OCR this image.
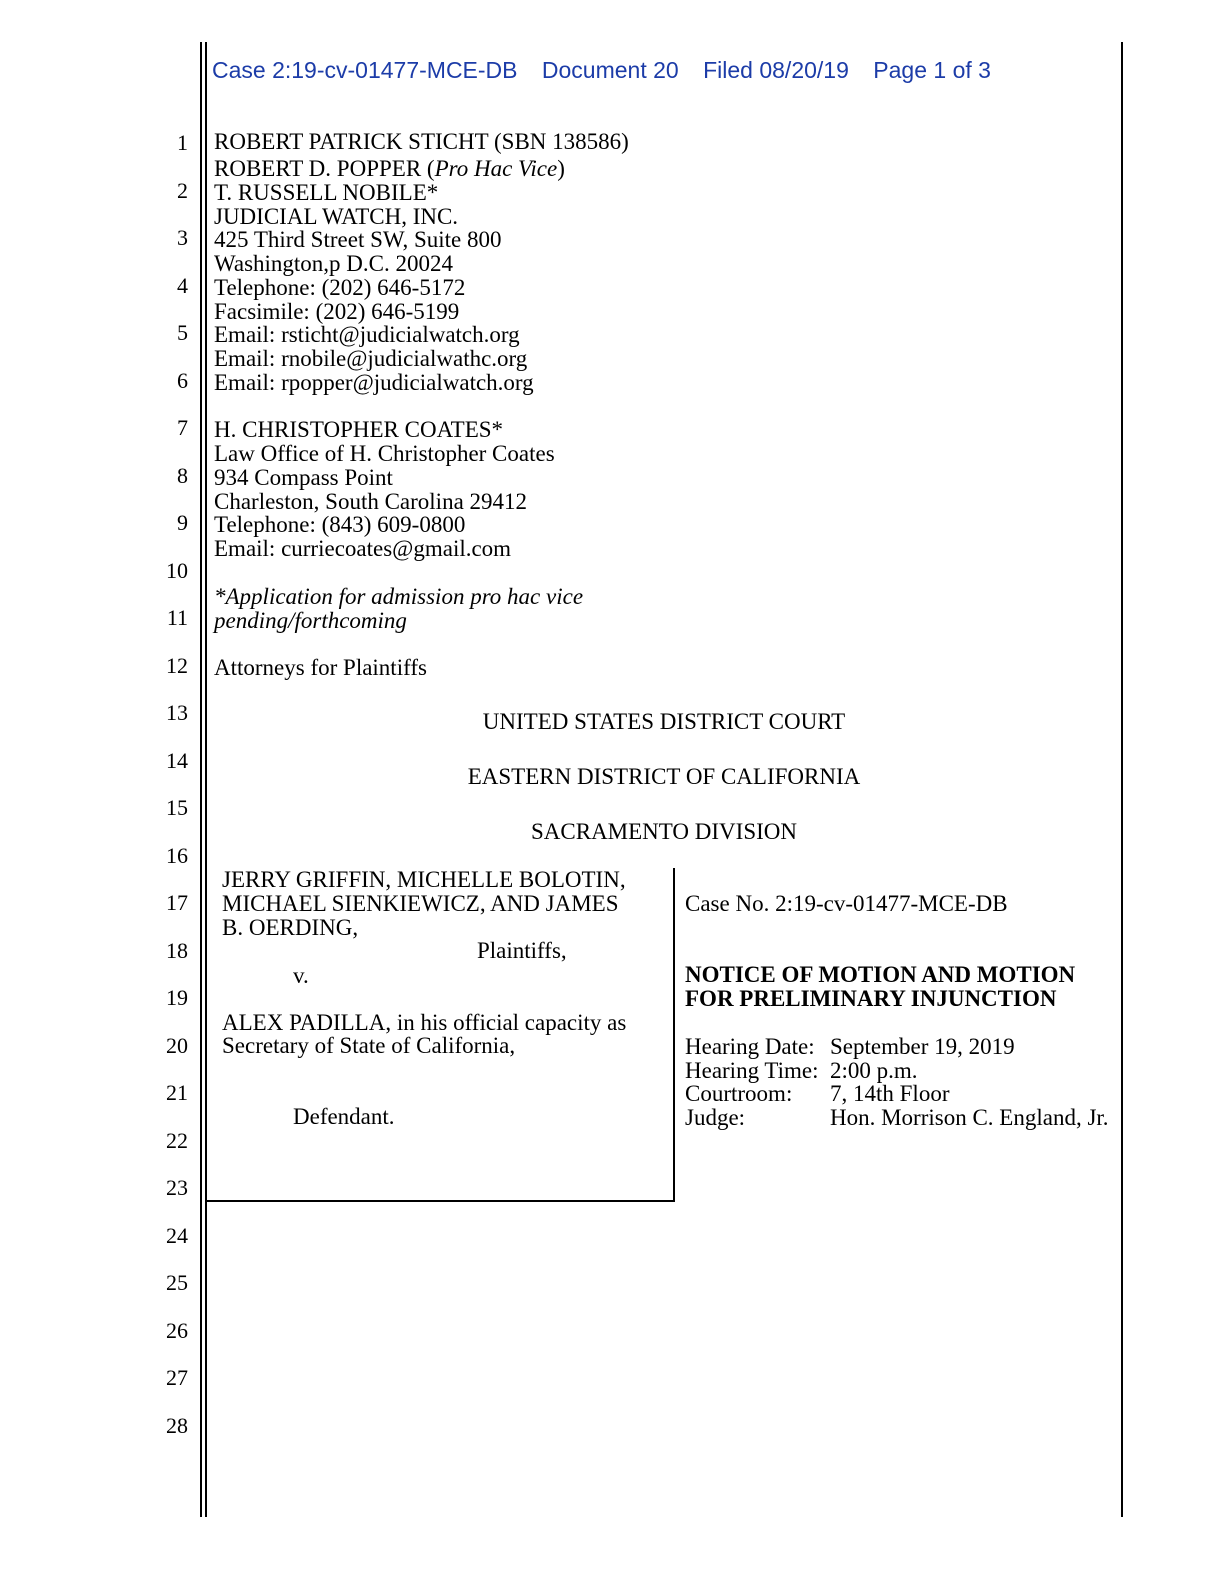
Case 2:19-cv-01477-MCE-DB Document 20 Filed 08/20/19 Page 1 of 3
1
2
3
4
5
6
7
8
9
10
11
12
13
14
15
16
17
18
19
20
21
22
23
24
25
26
27
28
ROBERT PATRICK STICHT (SBN 138586)
ROBERT D. POPPER (Pro Hac Vice)
T. RUSSELL NOBILE*
JUDICIAL WATCH, INC.
425 Third Street SW, Suite 800
Washington,p D.C. 20024
Telephone: (202) 646-5172
Facsimile: (202) 646-5199
Email: rsticht@judicialwatch.org
Email: rnobile@judicialwathc.org
Email: rpopper@judicialwatch.org
H. CHRISTOPHER COATES*
Law Office of H. Christopher Coates
934 Compass Point
Charleston, South Carolina 29412
Telephone: (843) 609-0800
Email: curriecoates@gmail.com
*Application for admission pro hac vice
pending/forthcoming
Attorneys for Plaintiffs
UNITED STATES DISTRICT COURT
EASTERN DISTRICT OF CALIFORNIA
SACRAMENTO DIVISION
JERRY GRIFFIN, MICHELLE BOLOTIN,
MICHAEL SIENKIEWICZ, AND JAMES
B. OERDING,
Plaintiffs,
v.
ALEX PADILLA, in his official capacity as
Secretary of State of California,
Defendant.
Case No. 2:19-cv-01477-MCE-DB
NOTICE OF MOTION AND MOTION
FOR PRELIMINARY INJUNCTION
Hearing Date: September 19, 2019
Hearing Time: 2:00 p.m.
Courtroom: 7, 14th Floor
Judge:	Hon. Morrison C. England, Jr.
